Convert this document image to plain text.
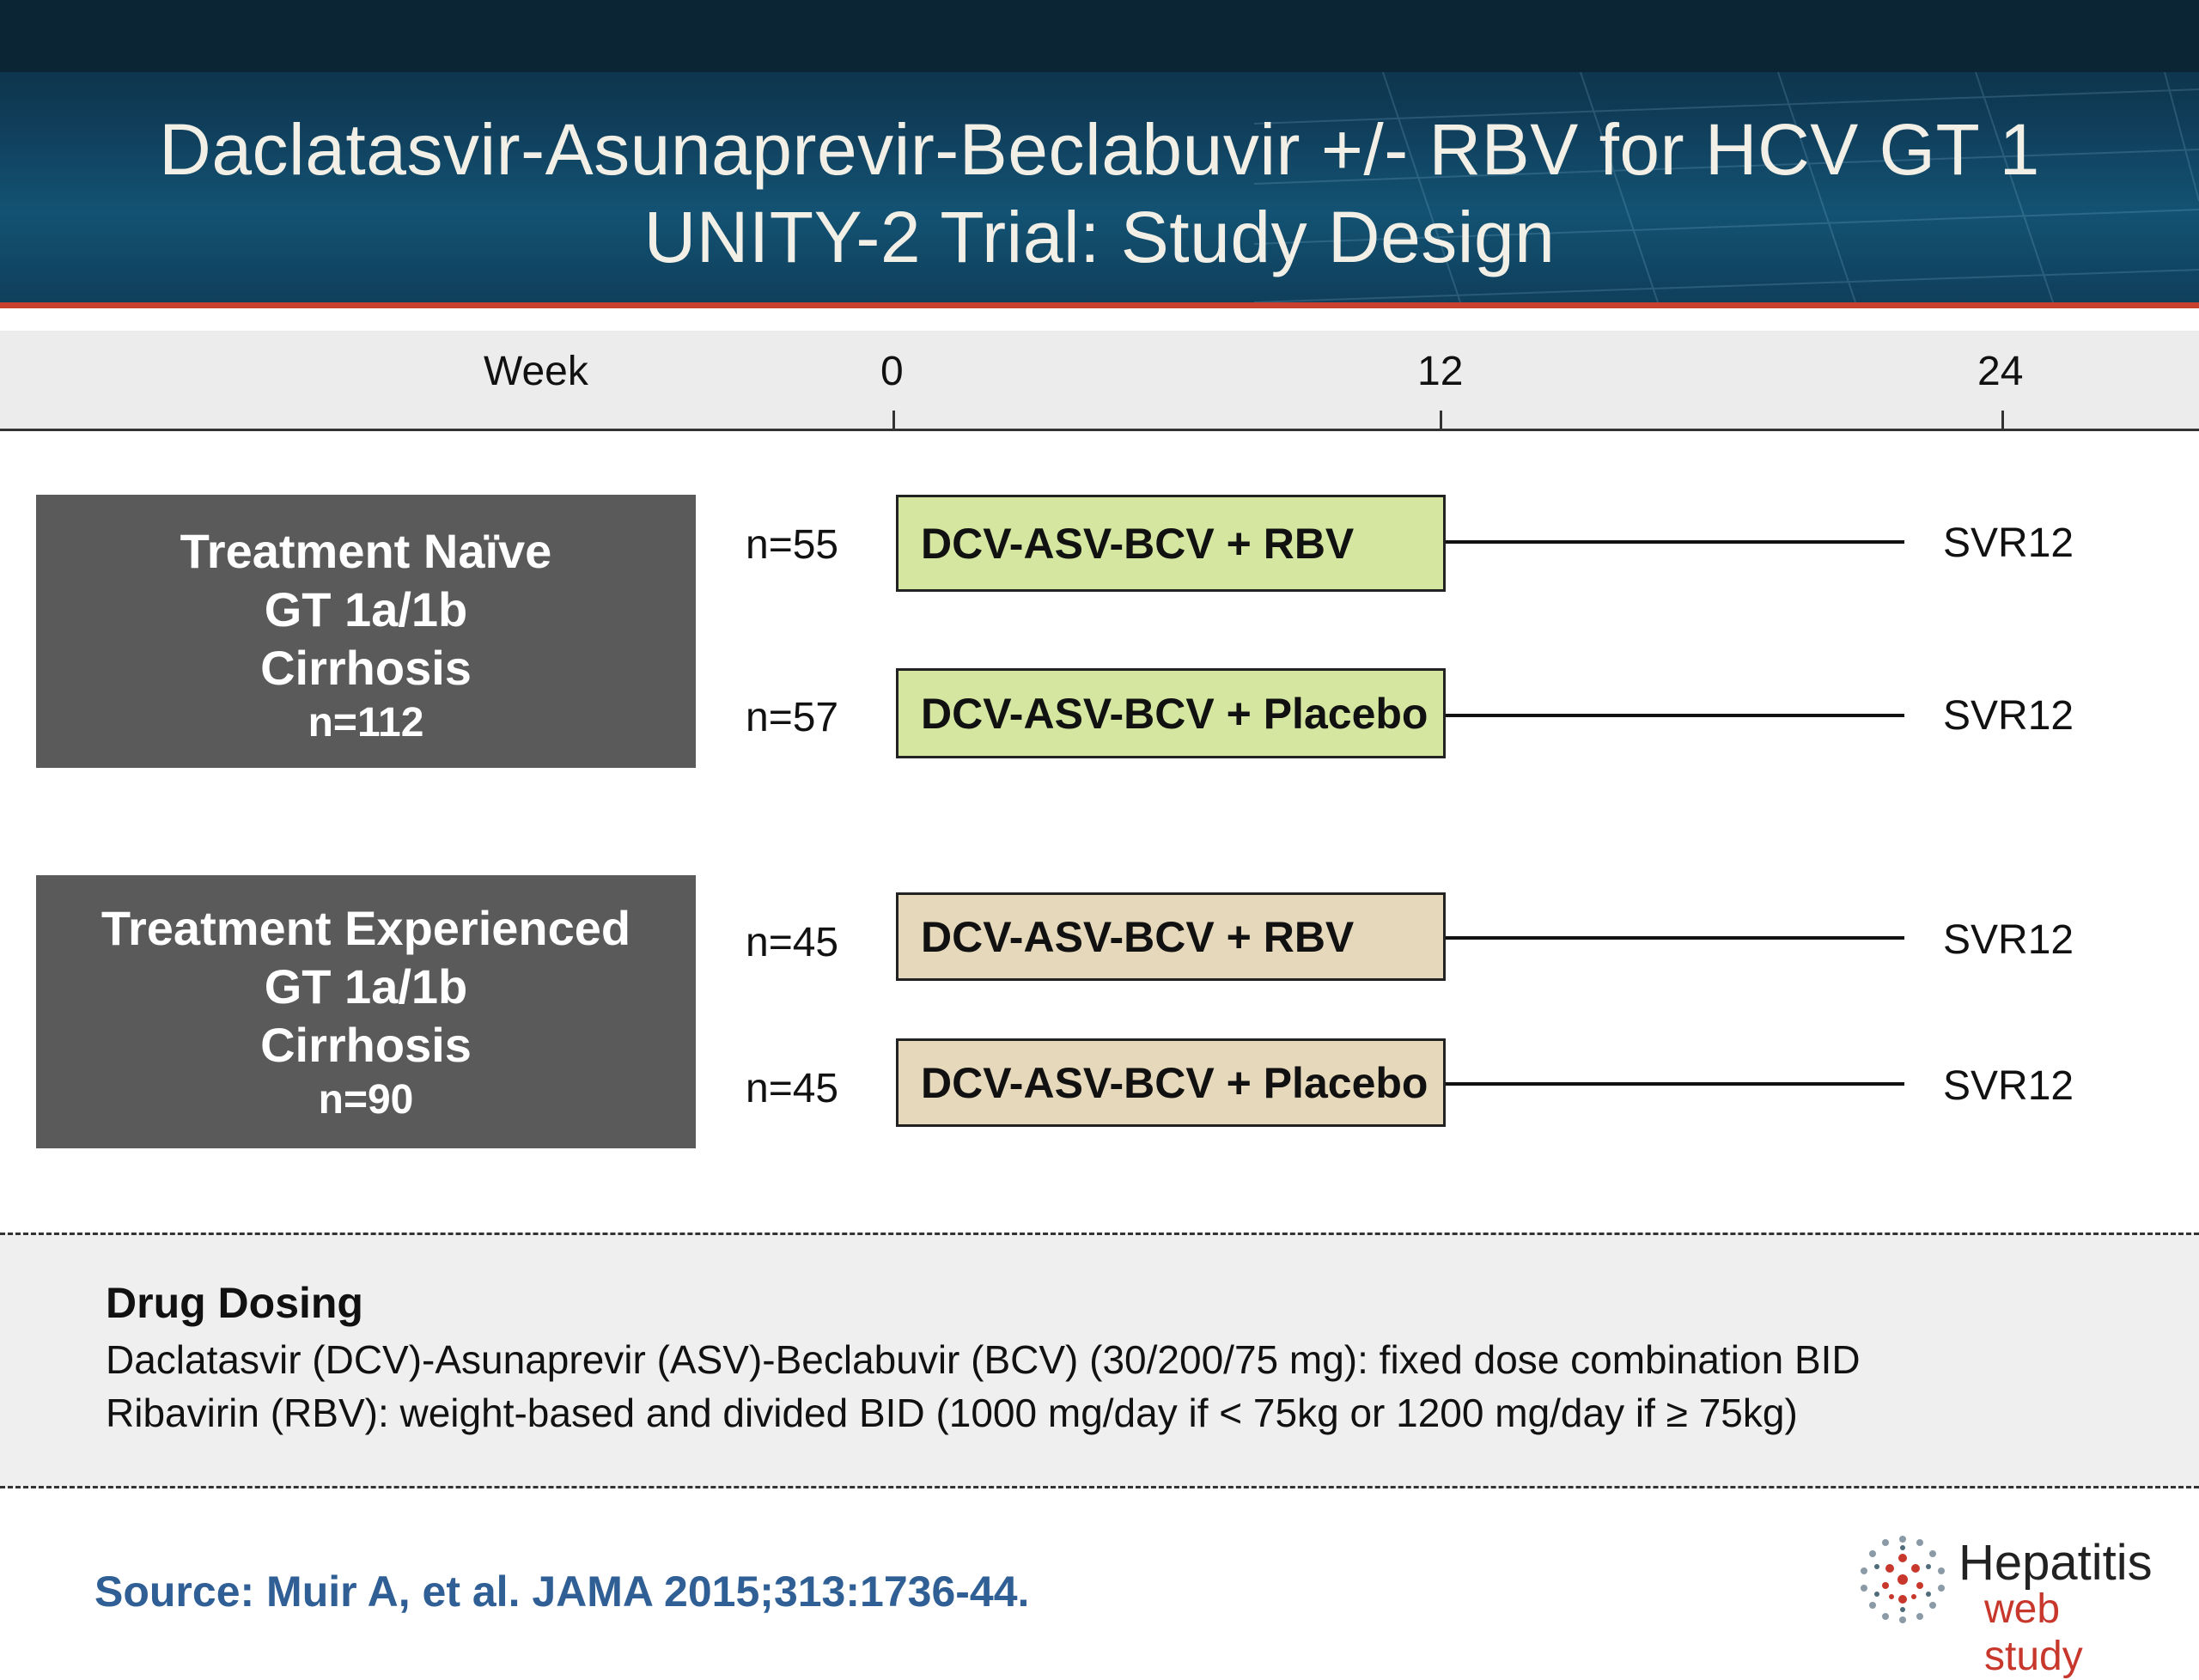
Daclatasvir-Asunaprevir-Beclabuvir +/- RBV for HCV GT 1
UNITY-2 Trial: Study Design
Week	0	12	24
Treatment Naïve
GT 1a/1b
Cirrhosis
n=112
n=55 DCV-ASV-BCV + RBV	SVR12
n=57 DCV-ASV-BCV + Placebo	SVR12
Treatment Experienced
GT 1a/1b
Cirrhosis
n=90
n=45 DCV-ASV-BCV + RBV	SVR12
n=45 DCV-ASV-BCV + Placebo	SVR12
Drug Dosing
Daclatasvir (DCV)-Asunaprevir (ASV)-Beclabuvir (BCV) (30/200/75 mg): fixed dose combination BID
Ribavirin (RBV): weight-based and divided BID (1000 mg/day if < 75kg or 1200 mg/day if ≥ 75kg)
Source: Muir A, et al. JAMA 2015;313:1736-44.
Hepatitis
web study
